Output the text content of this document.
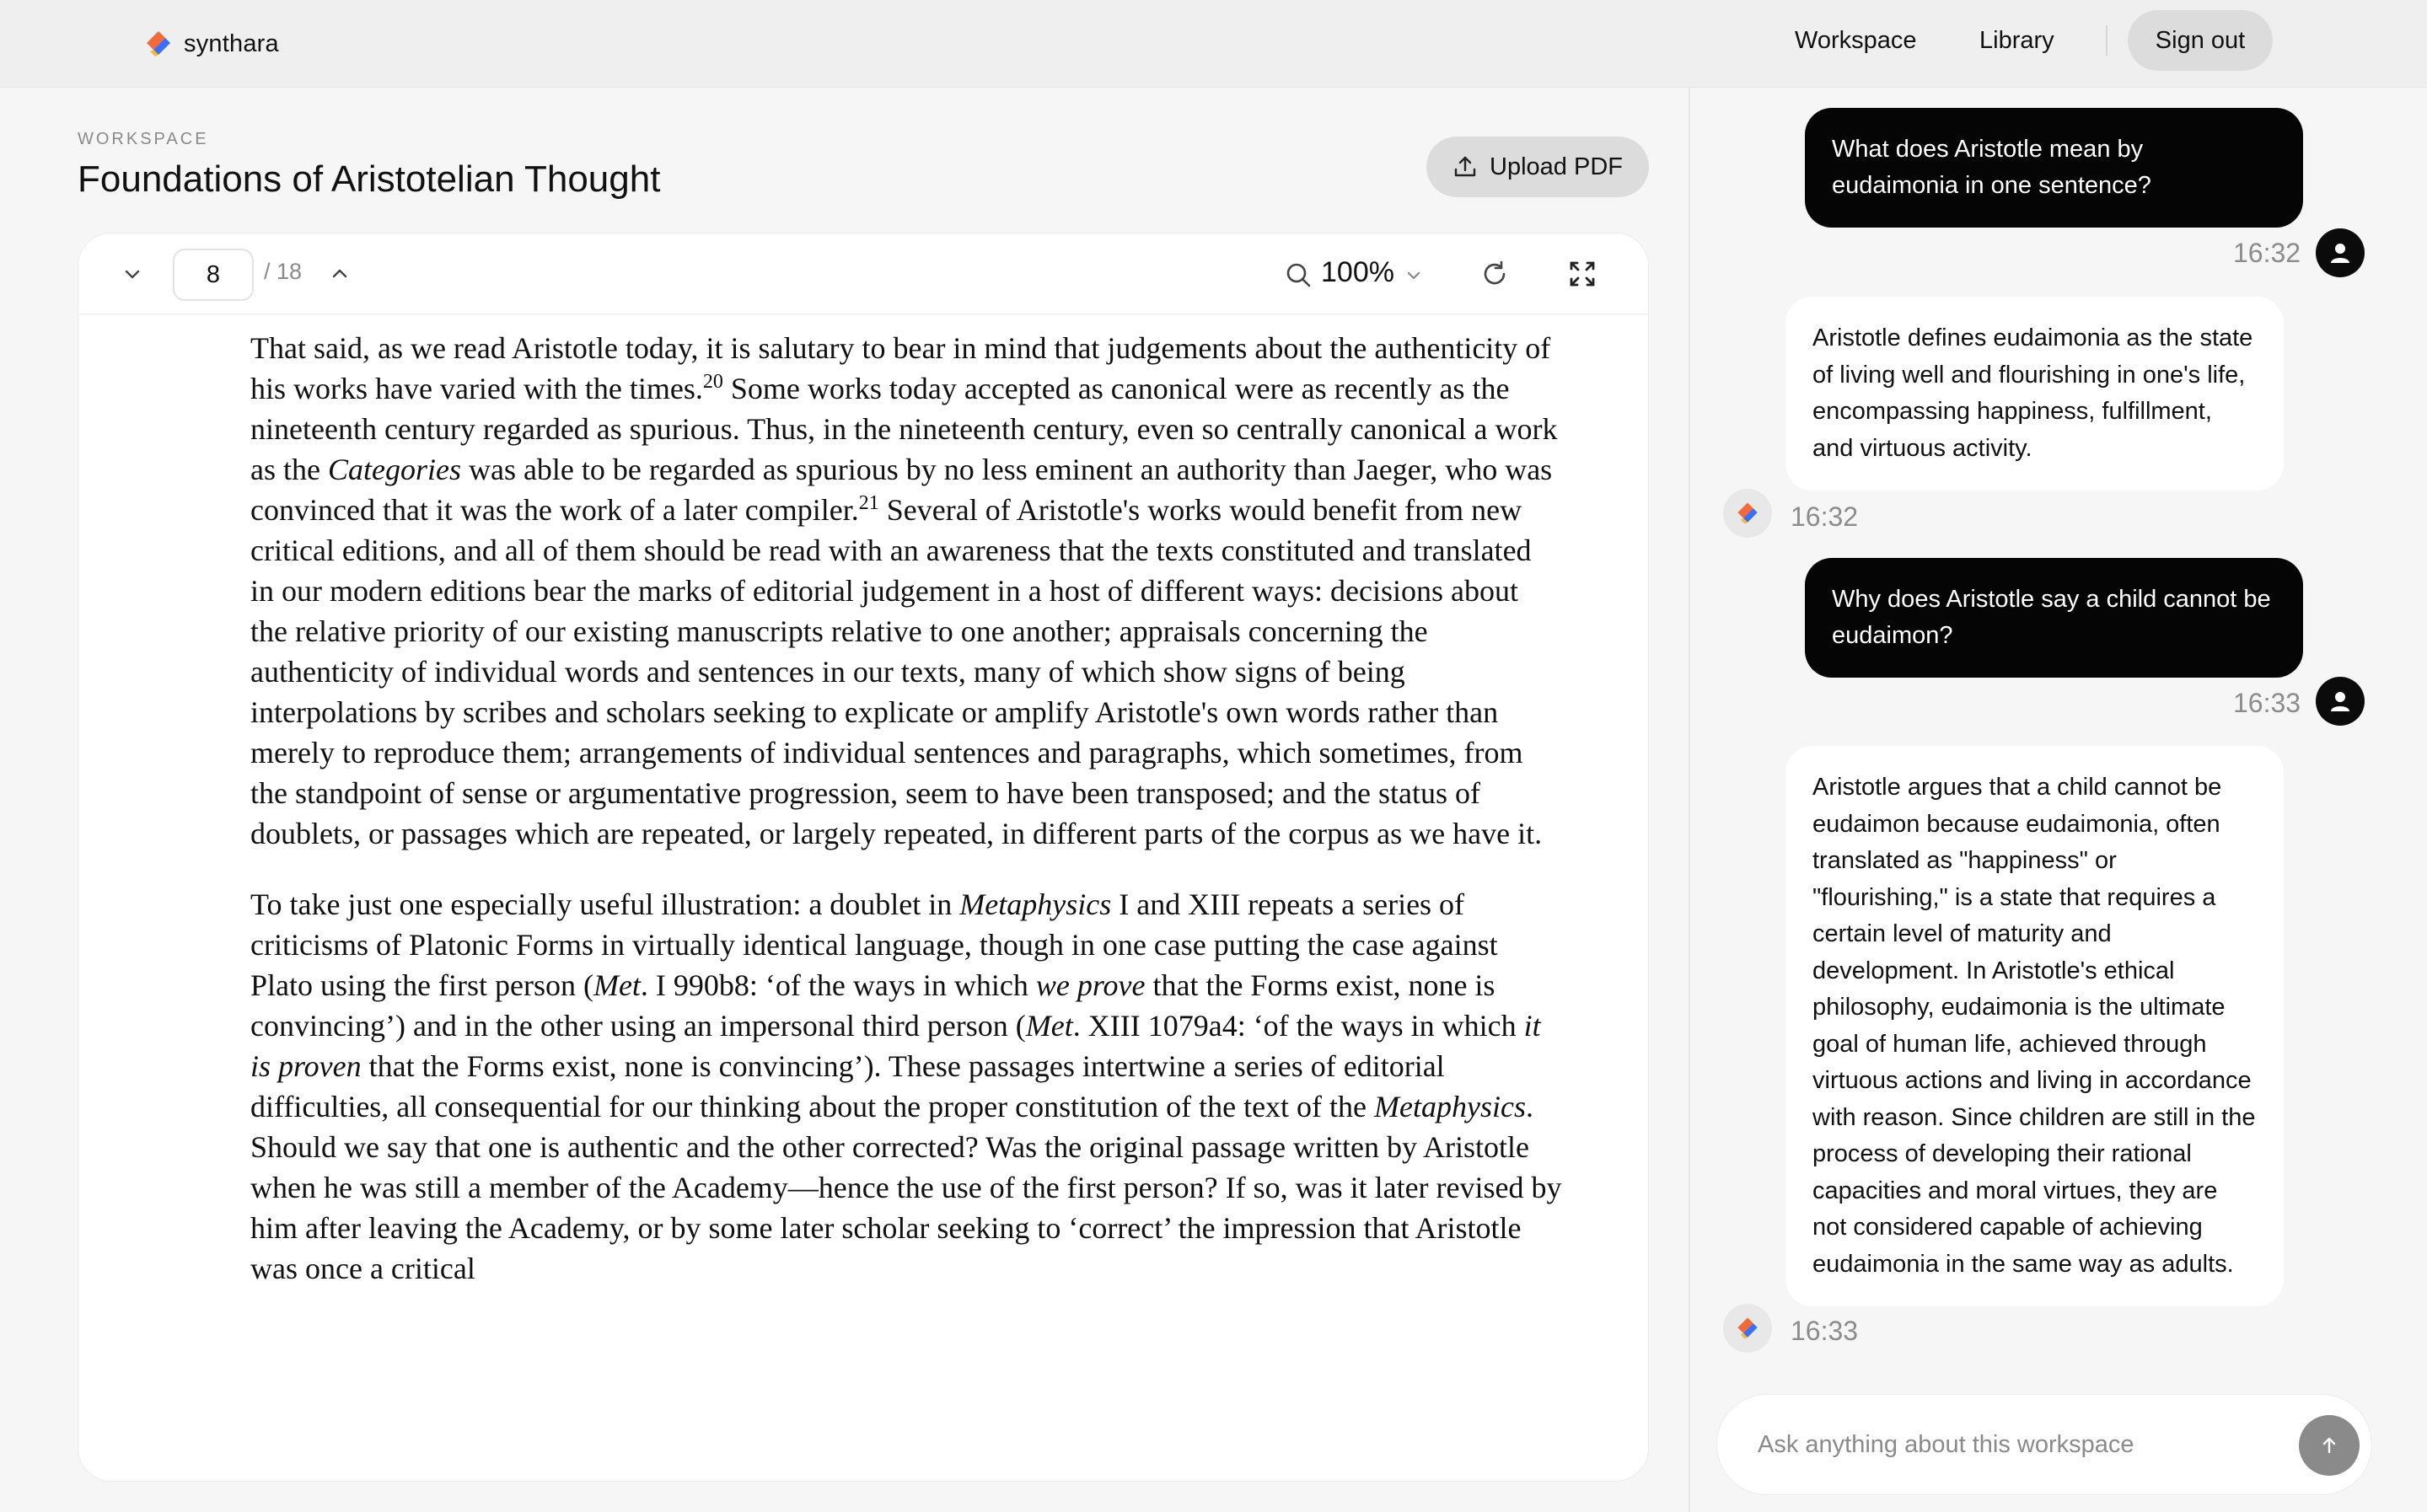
synthara	Workspace	Library	Sign out
WORKSPACE
Foundations of Aristotelian Thought	Upload PDF
8
/ 18	100%

That said, as we read Aristotle today, it is salutary to bear in mind that judgements about the authenticity of his works have varied with the times.$^{20}$ Some works today accepted as canonical were as recently as the nineteenth century regarded as spurious. Thus, in the nineteenth century, even so centrally canonical a work as the Categories was able to be regarded as spurious by no less eminent an authority than Jaeger, who was convinced that it was the work of a later compiler.$^{21}$ Several of Aristotle's works would benefit from new critical editions, and all of them should be read with an awareness that the texts constituted and translated in our modern editions bear the marks of editorial judgement in a host of different ways: decisions about the relative priority of our existing manuscripts relative to one another; appraisals concerning the authenticity of individual words and sentences in our texts, many of which show signs of being interpolations by scribes and scholars seeking to explicate or amplify Aristotle's own words rather than merely to reproduce them; arrangements of individual sentences and paragraphs, which sometimes, from the standpoint of sense or argumentative progression, seem to have been transposed; and the status of doublets, or passages which are repeated, or largely repeated, in different parts of the corpus as we have it.

To take just one especially useful illustration: a doublet in Metaphysics I and XIII repeats a series of criticisms of Platonic Forms in virtually identical language, though in one case putting the case against Plato using the first person (Met. I 990b8: ‘of the ways in which we prove that the Forms exist, none is convincing’) and in the other using an impersonal third person (Met. XIII 1079a4: ‘of the ways in which it is proven that the Forms exist, none is convincing’). These passages intertwine a series of editorial difficulties, all consequential for our thinking about the proper constitution of the text of the Metaphysics. Should we say that one is authentic and the other corrected? Was the original passage written by Aristotle when he was still a member of the Academy—hence the use of the first person? If so, was it later revised by him after leaving the Academy, or by some later scholar seeking to ‘correct’ the impression that Aristotle was once a critical

What does Aristotle mean by eudaimonia in one sentence?
16:32
Aristotle defines eudaimonia as the state of living well and flourishing in one's life, encompassing happiness, fulfillment, and virtuous activity.
16:32
Why does Aristotle say a child cannot be eudaimon?
16:33
Aristotle argues that a child cannot be eudaimon because eudaimonia, often translated as "happiness" or "flourishing," is a state that requires a certain level of maturity and development. In Aristotle's ethical philosophy, eudaimonia is the ultimate goal of human life, achieved through virtuous actions and living in accordance with reason. Since children are still in the process of developing their rational capacities and moral virtues, they are not considered capable of achieving eudaimonia in the same way as adults.
16:33
Ask anything about this workspace
